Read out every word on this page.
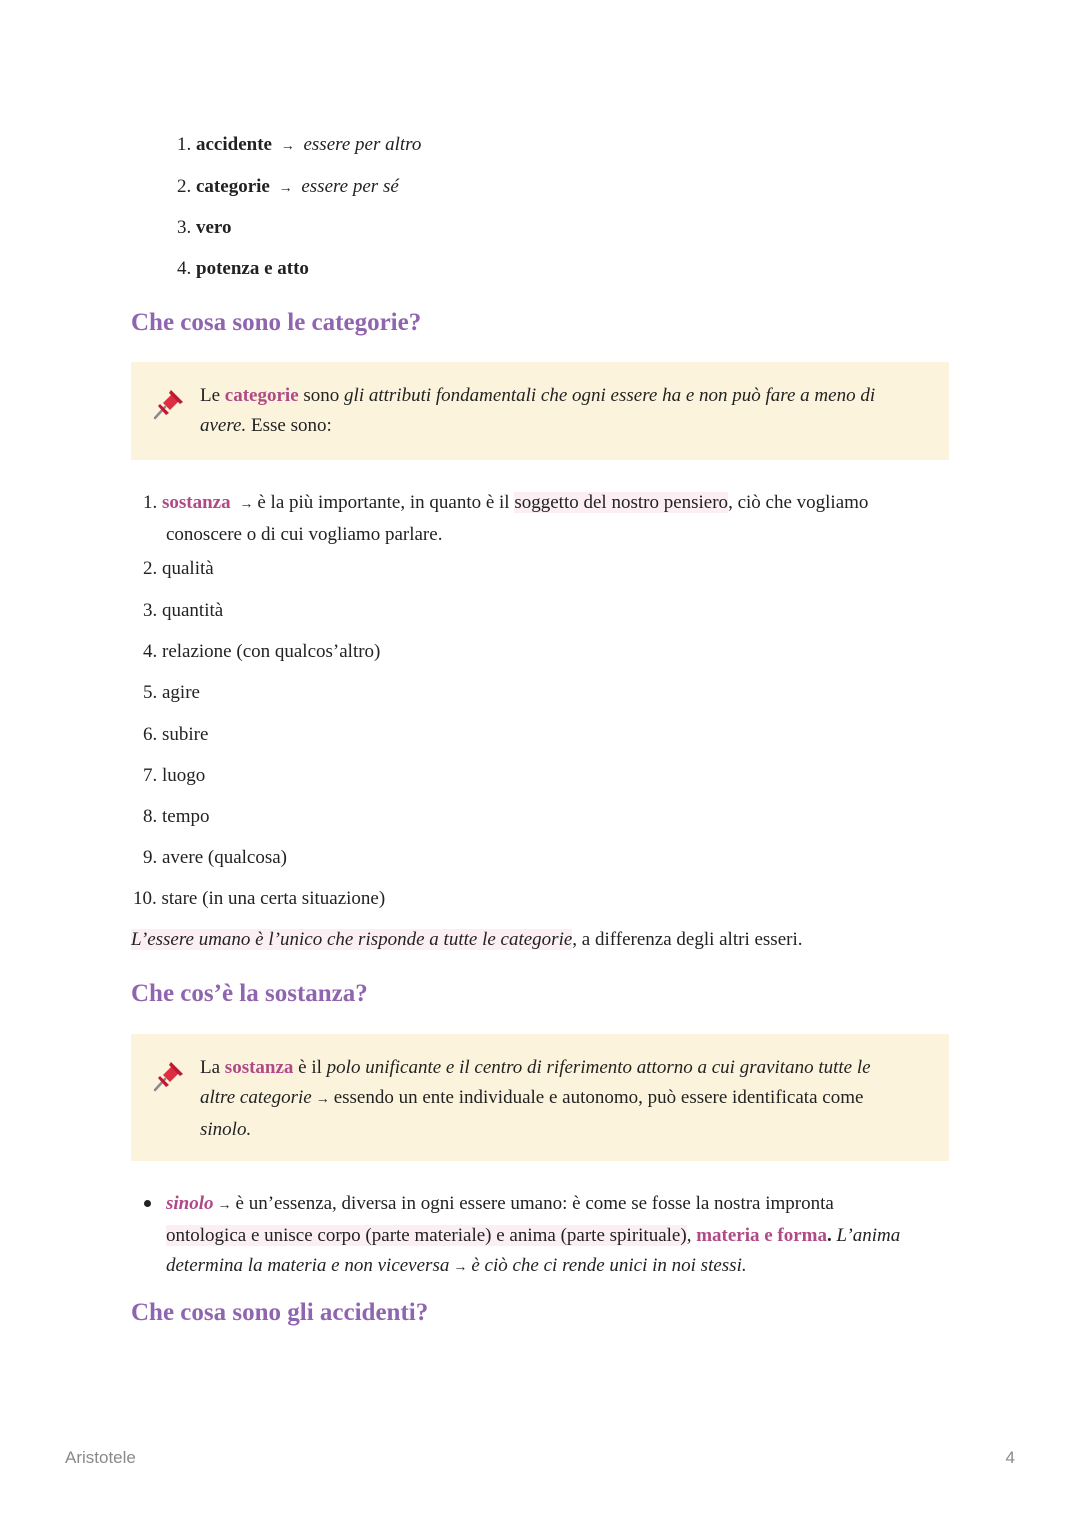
1. accidente → essere per altro
2. categorie → essere per sé
3. vero
4. potenza e atto
Che cosa sono le categorie?
Le categorie sono gli attributi fondamentali che ogni essere ha e non può fare a meno di avere. Esse sono:
1. sostanza → è la più importante, in quanto è il soggetto del nostro pensiero, ciò che vogliamo
conoscere o di cui vogliamo parlare.
2. qualità
3. quantità
4. relazione (con qualcos’altro)
5. agire
6. subire
7. luogo
8. tempo
9. avere (qualcosa)
10. stare (in una certa situazione)
L’essere umano è l’unico che risponde a tutte le categorie, a differenza degli altri esseri.
Che cos’è la sostanza?
La sostanza è il polo unificante e il centro di riferimento attorno a cui gravitano tutte le
altre categorie → essendo un ente individuale e autonomo, può essere identificata come
sinolo.
sinolo → è un’essenza, diversa in ogni essere umano: è come se fosse la nostra impronta
ontologica e unisce corpo (parte materiale) e anima (parte spirituale), materia e forma. L’anima
determina la materia e non viceversa → è ciò che ci rende unici in noi stessi.
Che cosa sono gli accidenti?
Aristotele	4
